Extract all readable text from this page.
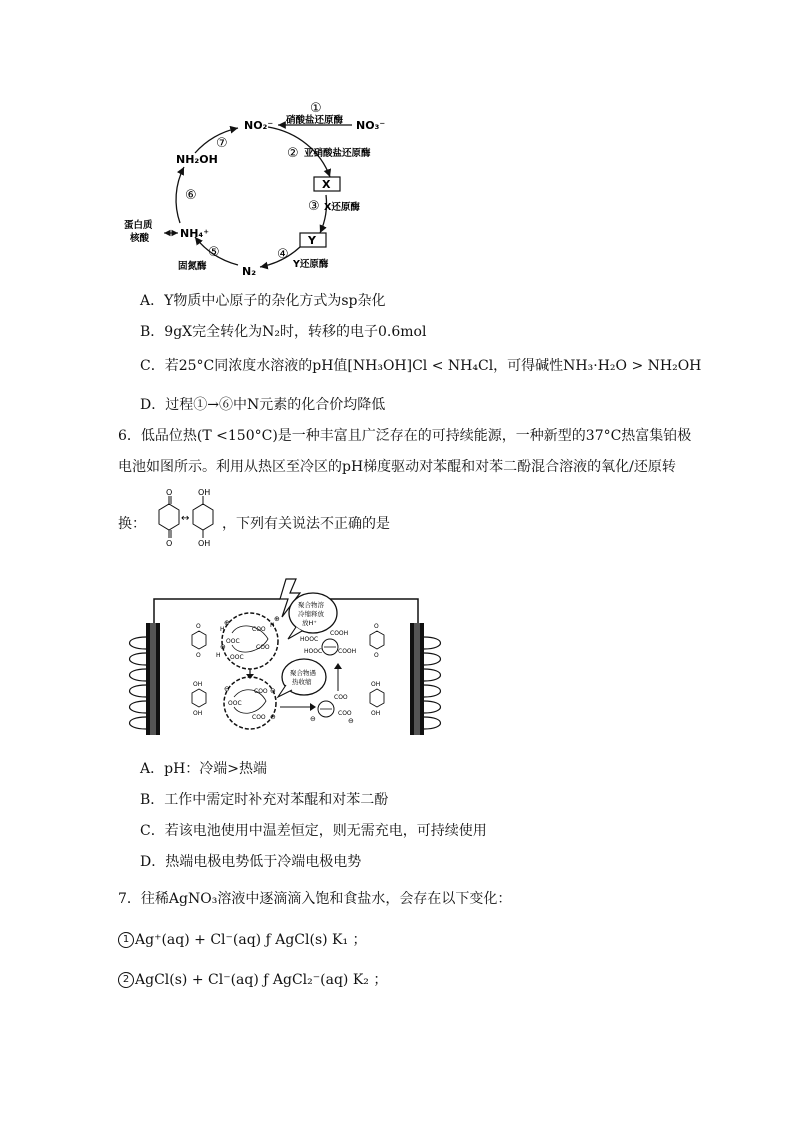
NO₂⁻	NO₃⁻
NH₂OH
NH₄⁺
N₂
X
Y
①
②
③
④
⑤
⑥
⑦
硝酸盐还原酶
亚硝酸盐还原酶
X还原酶
Y还原酶
固氮酶
蛋白质
核酸
A．Y物质中心原子的杂化方式为sp杂化
B．9gX完全转化为N₂时，转移的电子0.6mol
C．若25°C同浓度水溶液的pH值[NH₃OH]Cl < NH₄Cl，可得碱性NH₃·H₂O > NH₂OH
D．过程①→⑥中N元素的化合价均降低
6．低品位热(T <150°C)是一种丰富且广泛存在的可持续能源，一种新型的37°C热富集铂极
电池如图所示。利用从热区至冷区的pH梯度驱动对苯醌和对苯二酚混合溶液的氧化/还原转
换：
O
O
↔
OH
OH
，下列有关说法不正确的是
O
O
OH
OH
O
O
OH
OH
COO
OOC
COO
OOC
COO
OOC
COO
H
H
H
⊕	⊕
⊕
⊖
⊖
⊖
聚合物溶
冷缩释放
放H⁺
聚合物遇
热收缩
HOOC
COOH
HOOC	COOH
COO
COO
⊖
⊖
A．pH：冷端>热端
B．工作中需定时补充对苯醌和对苯二酚
C．若该电池使用中温差恒定，则无需充电，可持续使用
D．热端电极电势低于冷端电极电势
7．往稀AgNO₃溶液中逐滴滴入饱和食盐水，会存在以下变化：
1 Ag⁺(aq) + Cl⁻(aq) ƒ AgCl(s) K₁ ；
2 AgCl(s) + Cl⁻(aq) ƒ AgCl₂⁻(aq) K₂ ；
